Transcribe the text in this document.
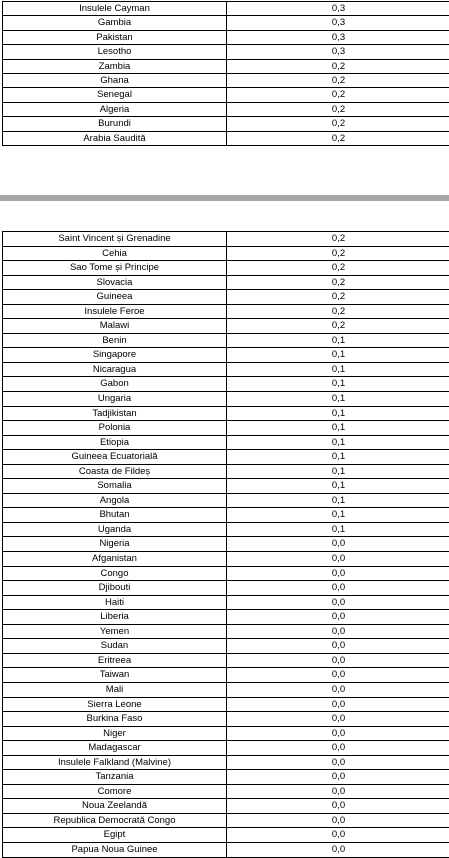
Insulele Cayman	0,3
Gambia	0,3
Pakistan	0,3
Lesotho	0,3
Zambia	0,2
Ghana	0,2
Senegal	0,2
Algeria	0,2
Burundi	0,2
Arabia Saudită	0,2
Saint Vincent și Grenadine	0,2
Cehia	0,2
Sao Tome și Principe	0,2
Slovacia	0,2
Guineea	0,2
Insulele Feroe	0,2
Malawi	0,2
Benin	0,1
Singapore	0,1
Nicaragua	0,1
Gabon	0,1
Ungaria	0,1
Tadjikistan	0,1
Polonia	0,1
Etiopia	0,1
Guineea Ecuatorială	0,1
Coasta de Fildeș	0,1
Somalia	0,1
Angola	0,1
Bhutan	0,1
Uganda	0,1
Nigeria	0,0
Afganistan	0,0
Congo	0,0
Djibouti	0,0
Haiti	0,0
Liberia	0,0
Yemen	0,0
Sudan	0,0
Eritreea	0,0
Taiwan	0,0
Mali	0,0
Sierra Leone	0,0
Burkina Faso	0,0
Niger	0,0
Madagascar	0,0
Insulele Falkland (Malvine)	0,0
Tanzania	0,0
Comore	0,0
Noua Zeelandă	0,0
Republica Democrată Congo	0,0
Egipt	0,0
Papua Noua Guinee	0,0
